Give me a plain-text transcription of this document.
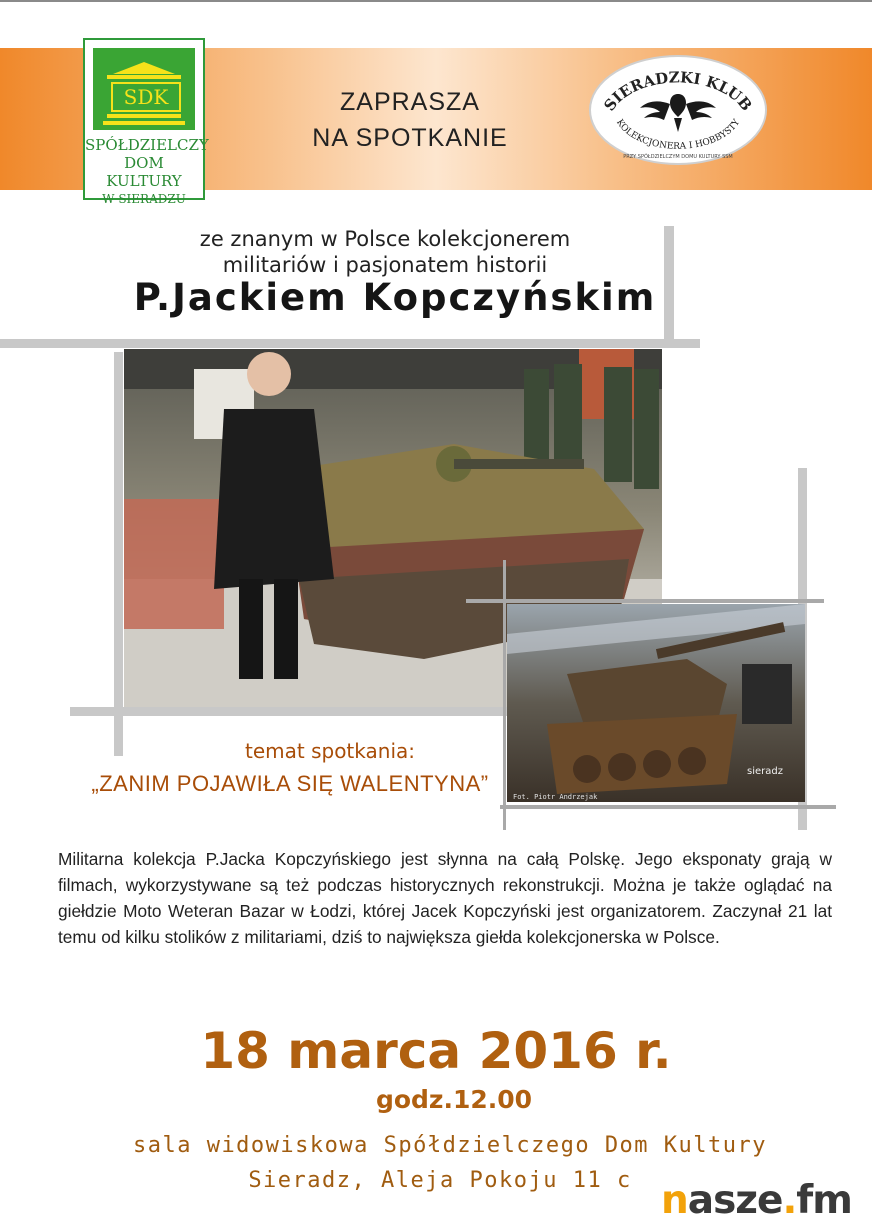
SDK
SPÓŁDZIELCZY
DOM KULTURY
W SIERADZU
ZAPRASZA
NA SPOTKANIE
SIERADZKI KLUB
KOLEKCJONERA I HOBBYSTY
PRZY SPÓŁDZIELCZYM DOMU KULTURY SSM
ze znanym w Polsce kolekcjonerem
militariów i pasjonatem historii
P.Jackiem Kopczyńskim
Fot. Piotr Andrzejak
sieradz
temat spotkania:
„ZANIM POJAWIŁA SIĘ WALENTYNA”
Militarna kolekcja P.Jacka Kopczyńskiego jest słynna na całą Polskę. Jego eksponaty grają w filmach, wykorzystywane są też podczas historycznych rekonstrukcji. Można je także oglądać na giełdzie Moto Weteran Bazar w Łodzi, której Jacek Kopczyński jest organizatorem. Zaczynał 21 lat temu od kilku stolików z militariami, dziś to największa giełda kolekcjonerska w Polsce.
18 marca 2016 r.
godz.12.00
sala widowiskowa Spółdzielczego Dom Kultury
Sieradz, Aleja Pokoju 11 c nasze.fm
